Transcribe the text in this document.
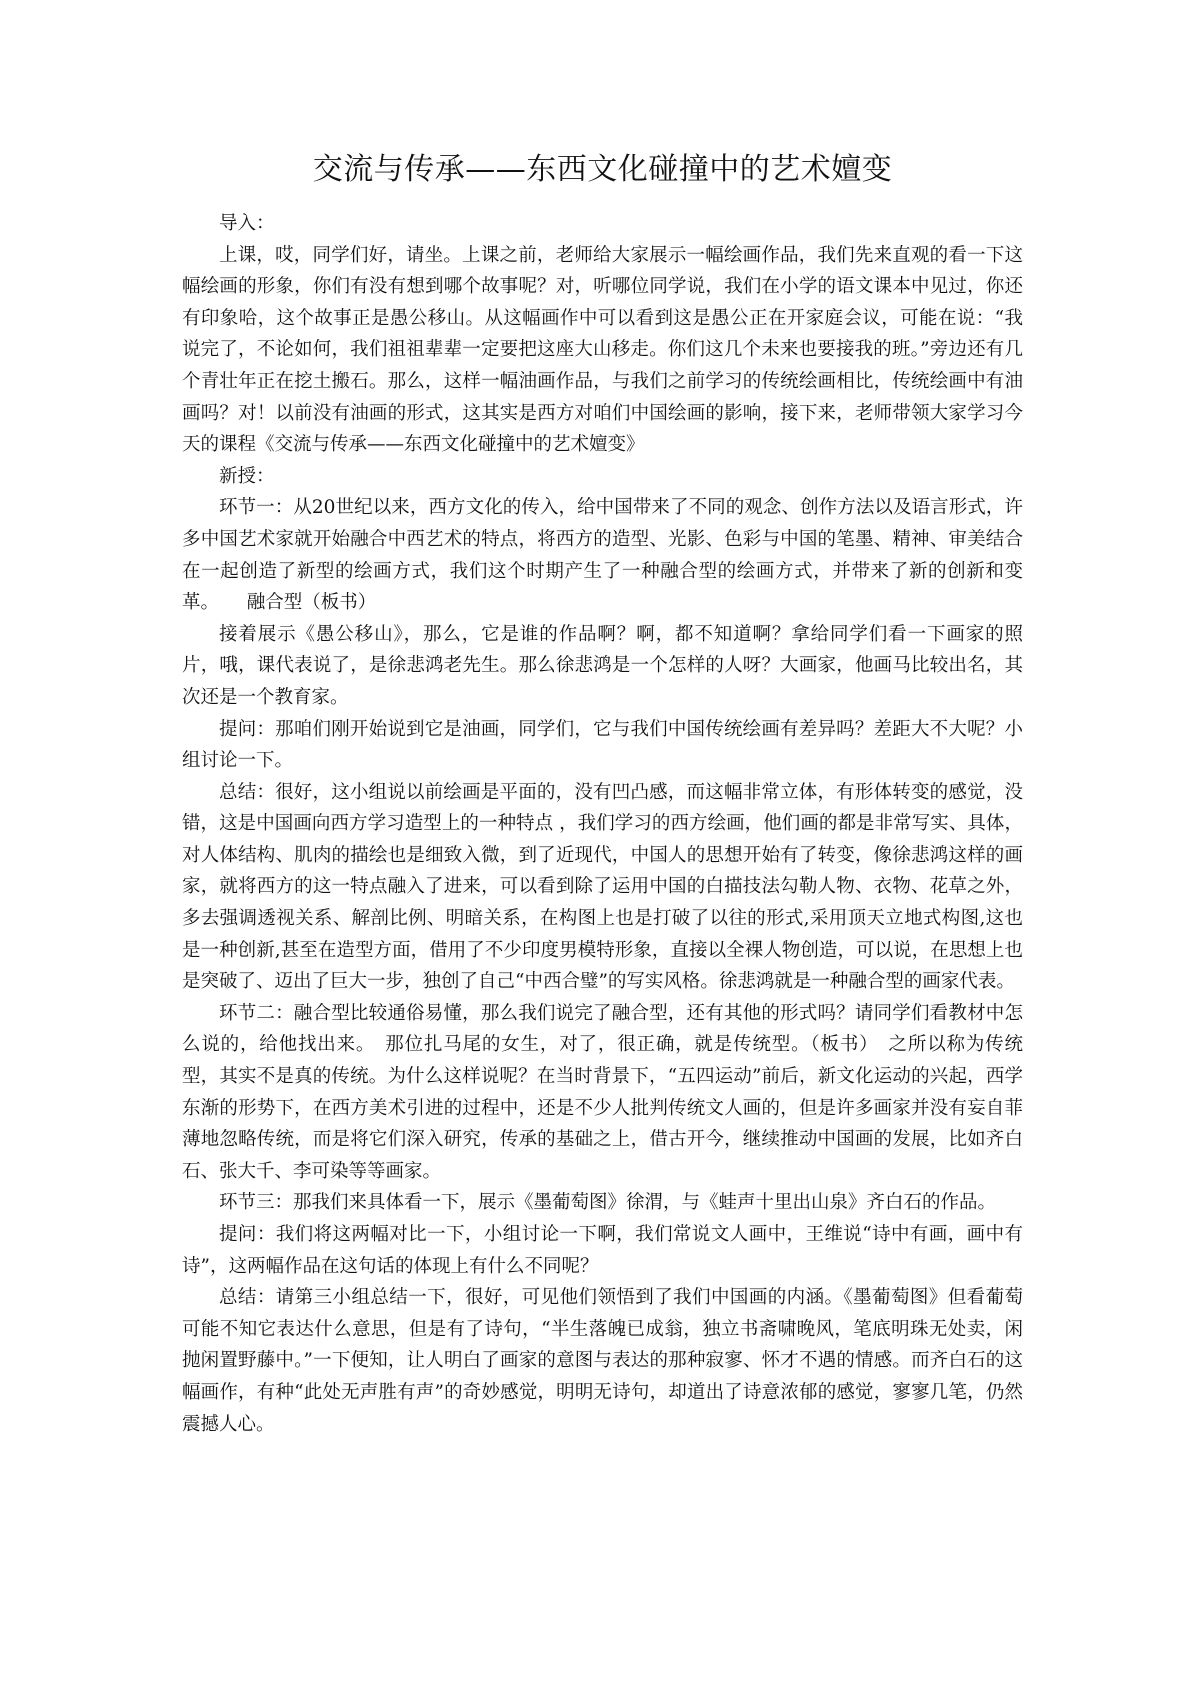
交流与传承——东西文化碰撞中的艺术嬗变

导入：

上课，哎，同学们好，请坐。上课之前，老师给大家展示一幅绘画作品，我们先来直观的看一下这幅绘画的形象，你们有没有想到哪个故事呢？对，听哪位同学说，我们在小学的语文课本中见过，你还有印象哈，这个故事正是愚公移山。从这幅画作中可以看到这是愚公正在开家庭会议，可能在说：“我说完了，不论如何，我们祖祖辈辈一定要把这座大山移走。你们这几个未来也要接我的班。”旁边还有几个青壮年正在挖土搬石。那么，这样一幅油画作品，与我们之前学习的传统绘画相比，传统绘画中有油画吗？对！以前没有油画的形式，这其实是西方对咱们中国绘画的影响，接下来，老师带领大家学习今天的课程《交流与传承——东西文化碰撞中的艺术嬗变》

新授：

环节一：从20世纪以来，西方文化的传入，给中国带来了不同的观念、创作方法以及语言形式，许多中国艺术家就开始融合中西艺术的特点，将西方的造型、光影、色彩与中国的笔墨、精神、审美结合在一起创造了新型的绘画方式，我们这个时期产生了一种融合型的绘画方式，并带来了新的创新和变革。　　融合型（板书）

接着展示《愚公移山》，那么，它是谁的作品啊？啊，都不知道啊？拿给同学们看一下画家的照片，哦，课代表说了，是徐悲鸿老先生。那么徐悲鸿是一个怎样的人呀？大画家，他画马比较出名，其次还是一个教育家。

提问：那咱们刚开始说到它是油画，同学们，它与我们中国传统绘画有差异吗？差距大不大呢？小组讨论一下。

总结：很好，这小组说以前绘画是平面的，没有凹凸感，而这幅非常立体，有形体转变的感觉，没错，这是中国画向西方学习造型上的一种特点 ，我们学习的西方绘画，他们画的都是非常写实、具体，对人体结构、肌肉的描绘也是细致入微，到了近现代，中国人的思想开始有了转变，像徐悲鸿这样的画家，就将西方的这一特点融入了进来，可以看到除了运用中国的白描技法勾勒人物、衣物、花草之外，多去强调透视关系、解剖比例、明暗关系，在构图上也是打破了以往的形式,采用顶天立地式构图,这也是一种创新,甚至在造型方面，借用了不少印度男模特形象，直接以全裸人物创造，可以说，在思想上也是突破了、迈出了巨大一步，独创了自己“中西合璧”的写实风格。徐悲鸿就是一种融合型的画家代表。

环节二：融合型比较通俗易懂，那么我们说完了融合型，还有其他的形式吗？请同学们看教材中怎么说的，给他找出来。　那位扎马尾的女生，对了，很正确，就是传统型。（板书）　之所以称为传统型，其实不是真的传统。为什么这样说呢？在当时背景下，“五四运动”前后，新文化运动的兴起，西学东渐的形势下，在西方美术引进的过程中，还是不少人批判传统文人画的，但是许多画家并没有妄自菲薄地忽略传统，而是将它们深入研究，传承的基础之上，借古开今，继续推动中国画的发展，比如齐白石、张大千、李可染等等画家。

环节三：那我们来具体看一下，展示《墨葡萄图》徐渭，与《蛙声十里出山泉》齐白石的作品。

提问：我们将这两幅对比一下，小组讨论一下啊，我们常说文人画中，王维说“诗中有画，画中有诗”，这两幅作品在这句话的体现上有什么不同呢？

总结：请第三小组总结一下，很好，可见他们领悟到了我们中国画的内涵。《墨葡萄图》但看葡萄可能不知它表达什么意思，但是有了诗句，“半生落魄已成翁，独立书斋啸晚风，笔底明珠无处卖，闲抛闲置野藤中。”一下便知，让人明白了画家的意图与表达的那种寂寥、怀才不遇的情感。而齐白石的这幅画作，有种“此处无声胜有声”的奇妙感觉，明明无诗句，却道出了诗意浓郁的感觉，寥寥几笔，仍然震撼人心。
